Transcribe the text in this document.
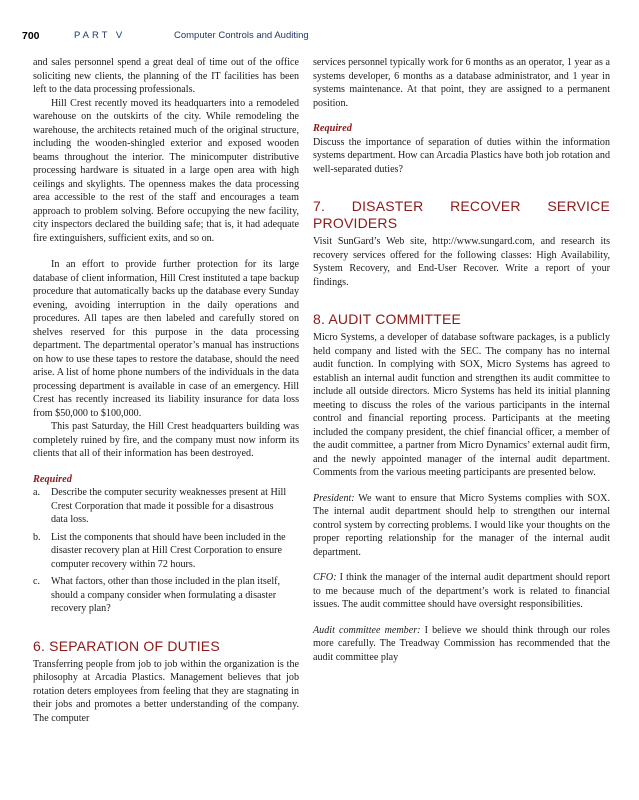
700	PART V	Computer Controls and Auditing

and sales personnel spend a great deal of time out of the office soliciting new clients, the planning of the IT facilities has been left to the data processing professionals.

Hill Crest recently moved its headquarters into a remodeled warehouse on the outskirts of the city. While remodeling the warehouse, the architects retained much of the original structure, including the wooden-shingled exterior and exposed wooden beams throughout the interior. The minicomputer distributive processing hardware is situated in a large open area with high ceilings and skylights. The openness makes the data processing area accessible to the rest of the staff and encourages a team approach to problem solving. Before occupying the new facility, city inspectors declared the building safe; that is, it had adequate fire extinguishers, sufficient exits, and so on.

In an effort to provide further protection for its large database of client information, Hill Crest instituted a tape backup procedure that automatically backs up the database every Sunday evening, avoiding interruption in the daily operations and procedures. All tapes are then labeled and carefully stored on shelves reserved for this purpose in the data processing department. The departmental operator’s manual has instructions on how to use these tapes to restore the database, should the need arise. A list of home phone numbers of the individuals in the data processing department is available in case of an emergency. Hill Crest has recently increased its liability insurance for data loss from $50,000 to $100,000.

This past Saturday, the Hill Crest headquarters building was completely ruined by fire, and the company must now inform its clients that all of their information has been destroyed.

Required

a. Describe the computer security weaknesses present at Hill Crest Corporation that made it possible for a disastrous data loss.
b. List the components that should have been included in the disaster recovery plan at Hill Crest Corporation to ensure computer recovery within 72 hours.
c. What factors, other than those included in the plan itself, should a company consider when formulating a disaster recovery plan?
6. SEPARATION OF DUTIES

Transferring people from job to job within the organization is the philosophy at Arcadia Plastics. Management believes that job rotation deters employees from feeling that they are stagnating in their jobs and promotes a better understanding of the company. The computer

services personnel typically work for 6 months as an operator, 1 year as a systems developer, 6 months as a database administrator, and 1 year in systems maintenance. At that point, they are assigned to a permanent position.

Required

Discuss the importance of separation of duties within the information systems department. How can Arcadia Plastics have both job rotation and well-separated duties?

7. DISASTER RECOVER SERVICE PROVIDERS

Visit SunGard’s Web site, http://www.sungard.com, and research its recovery services offered for the following classes: High Availability, System Recovery, and End-User Recover. Write a report of your findings.

8. AUDIT COMMITTEE

Micro Systems, a developer of database software packages, is a publicly held company and listed with the SEC. The company has no internal audit function. In complying with SOX, Micro Systems has agreed to establish an internal audit function and strengthen its audit committee to include all outside directors. Micro Systems has held its initial planning meeting to discuss the roles of the various participants in the internal control and financial reporting process. Participants at the meeting included the company president, the chief financial officer, a member of the audit committee, a partner from Micro Dynamics’ external audit firm, and the newly appointed manager of the internal audit department. Comments from the various meeting participants are presented below.

President: We want to ensure that Micro Systems complies with SOX. The internal audit department should help to strengthen our internal control system by correcting problems. I would like your thoughts on the proper reporting relationship for the manager of the internal audit department.

CFO: I think the manager of the internal audit department should report to me because much of the department’s work is related to financial issues. The audit committee should have oversight responsibilities.

Audit committee member: I believe we should think through our roles more carefully. The Treadway Commission has recommended that the audit committee play
